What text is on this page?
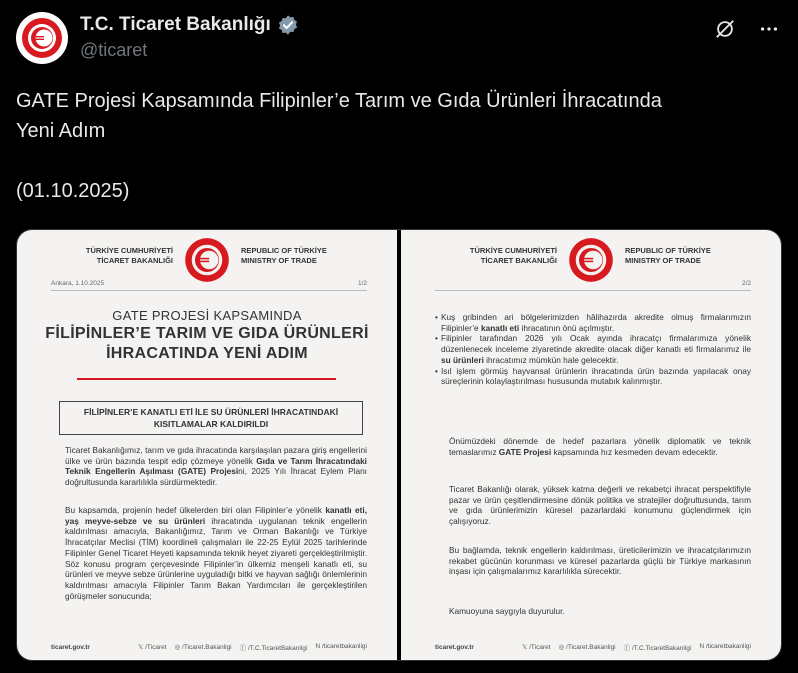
T.C. Ticaret Bakanlığı
@ticaret
GATE Projesi Kapsamında Filipinler’e Tarım ve Gıda Ürünleri İhracatında
Yeni Adım
(01.10.2025)
TÜRKİYE CUMHURİYETİ
TİCARET BAKANLIĞI
REPUBLIC OF TÜRKİYE
MINISTRY OF TRADE
Ankara, 1.10.2025	1/2
GATE PROJESİ KAPSAMINDA
FİLİPİNLER’E TARIM VE GIDA ÜRÜNLERİ
İHRACATINDA YENİ ADIM
FİLİPİNLER’E KANATLI ETİ İLE SU ÜRÜNLERİ İHRACATINDAKİ
KISITLAMALAR KALDIRILDI
Ticaret Bakanlığımız, tarım ve gıda ihracatında karşılaşılan pazara giriş engellerini ülke ve ürün bazında tespit edip çözmeye yönelik Gıda ve Tarım İhracatındaki Teknik Engellerin Aşılması (GATE) Projesini, 2025 Yılı İhracat Eylem Planı doğrultusunda kararlılıkla sürdürmektedir.
Bu kapsamda, projenin hedef ülkelerden biri olan Filipinler’e yönelik kanatlı eti, yaş meyve-sebze ve su ürünleri ihracatında uygulanan teknik engellerin kaldırılması amacıyla, Bakanlığımız, Tarım ve Orman Bakanlığı ve Türkiye İhracatçılar Meclisi (TİM) koordineli çalışmaları ile 22-25 Eylül 2025 tarihlerinde Filipinler Genel Ticaret Heyeti kapsamında teknik heyet ziyareti gerçekleştirilmiştir. Söz konusu program çerçevesinde Filipinler’in ülkemiz menşeli kanatlı eti, su ürünleri ve meyve sebze ürünlerine uyguladığı bitki ve hayvan sağlığı önlemlerinin kaldırılması amacıyla Filipinler Tarım Bakan Yardımcıları ile gerçekleştirilen görüşmeler sonucunda;
ticaret.gov.tr	𝕏 /Ticaret ◎ /Ticaret.Bakanligi ⓕ /T.C.TicaretBakanligi N /ticaretbakanligi
TÜRKİYE CUMHURİYETİ
TİCARET BAKANLIĞI
REPUBLIC OF TÜRKİYE
MINISTRY OF TRADE
2/2
• Kuş gribinden ari bölgelerimizden hâlihazırda akredite olmuş firmalarımızın Filipinler’e kanatlı eti ihracatının önü açılmıştır.
• Filipinler tarafından 2026 yılı Ocak ayında ihracatçı firmalarımıza yönelik düzenlenecek inceleme ziyaretinde akredite olacak diğer kanatlı eti firmalarımız ile su ürünleri ihracatımız mümkün hale gelecektir.
• Isıl işlem görmüş hayvansal ürünlerin ihracatında ürün bazında yapılacak onay süreçlerinin kolaylaştırılması hususunda mutabık kalınmıştır.
Önümüzdeki dönemde de hedef pazarlara yönelik diplomatik ve teknik temaslarımız GATE Projesi kapsamında hız kesmeden devam edecektir.
Ticaret Bakanlığı olarak, yüksek katma değerli ve rekabetçi ihracat perspektifiyle pazar ve ürün çeşitlendirmesine dönük politika ve stratejiler doğrultusunda, tarım ve gıda ürünlerimizin küresel pazarlardaki konumunu güçlendirmek için çalışıyoruz.
Bu bağlamda, teknik engellerin kaldırılması, üreticilerimizin ve ihracatçılarımızın rekabet gücünün korunması ve küresel pazarlarda güçlü bir Türkiye markasının inşası için çalışmalarımız kararlılıkla sürecektir.
Kamuoyuna saygıyla duyurulur.
ticaret.gov.tr	𝕏 /Ticaret ◎ /Ticaret.Bakanligi ⓕ /T.C.TicaretBakanligi N /ticaretbakanligi
